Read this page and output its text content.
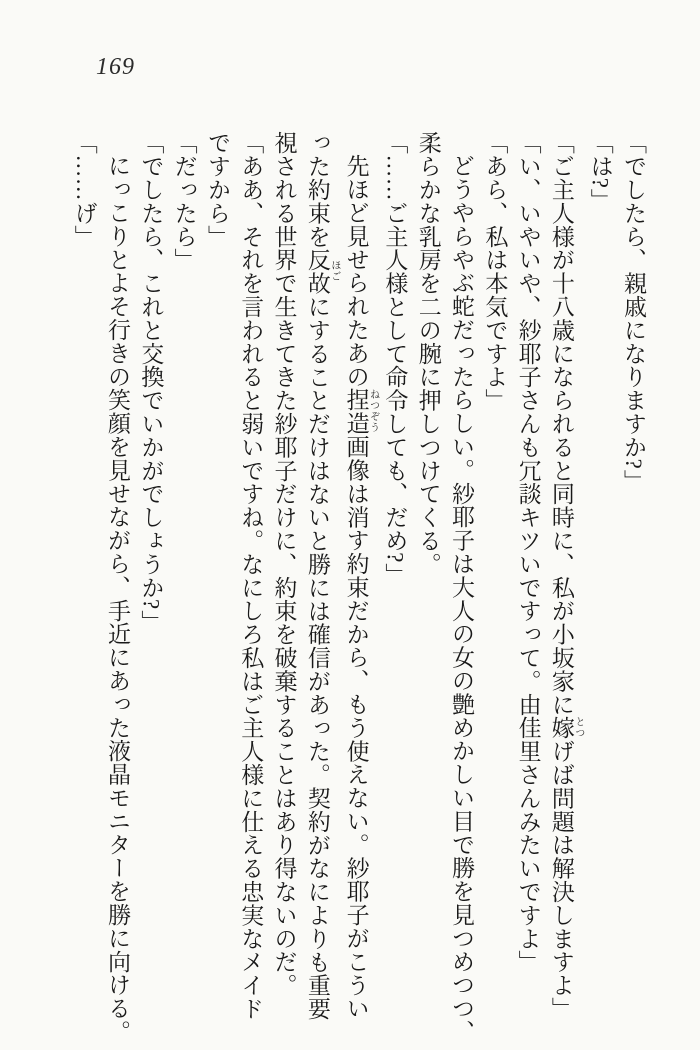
169
「でしたら、親戚になりますか?」
「は?」
「ご主人様が十八歳になられると同時に、私が小坂家に嫁 とつげば問題は解決しますよ」
「い、いやいや、紗耶子さんも冗談キツいですって。由佳里さんみたいですよ」
「あら、私は本気ですよ」
どうやらやぶ蛇だったらしい。紗耶子は大人の女の艶めかしい目で勝を見つめつつ、
柔らかな乳房を二の腕に押しつけてくる。
「……ご主人様として命令しても、だめ?」
先ほど見せられたあの捏造 ねつぞう画像は消す約束だから、もう使えない。紗耶子がこうい
った約束を反故 ほごにすることだけはないと勝には確信があった。契約がなによりも重要
視される世界で生きてきた紗耶子だけに、約束を破棄することはあり得ないのだ。
「ああ、それを言われると弱いですね。なにしろ私はご主人様に仕える忠実なメイド
ですから」
「だったら」
「でしたら、これと交換でいかがでしょうか?」
にっこりとよそ行きの笑顔を見せながら、手近にあった液晶モニターを勝に向ける。
「……げ」
